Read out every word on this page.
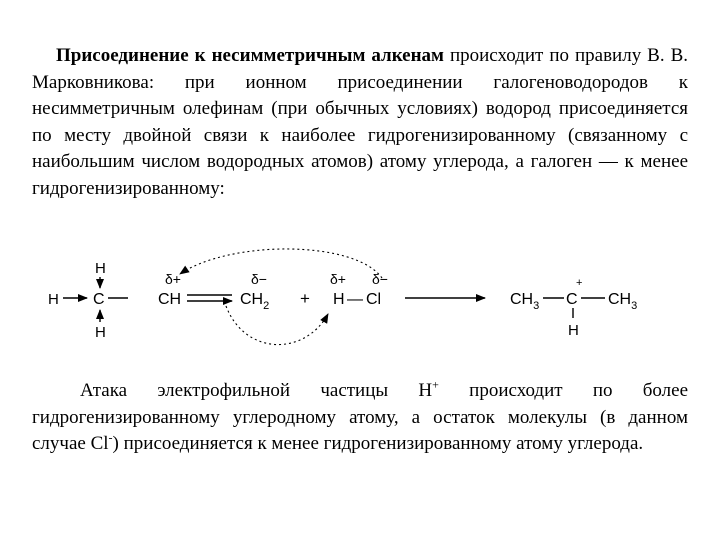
Присоединение к несимметричным алкенам происходит по правилу В. В. Марковникова: при ионном присоединении галогеноводородов к несимметричным олефинам (при обычных условиях) водород присоединяется по месту двойной связи к наиболее гидрогенизированному (связанному с наибольшим числом водородных атомов) атому углерода, а галоген — к менее гидрогенизированному:

H
H C
H
δ+
CH
δ−
$CH_2$ +
δ+ δ−
H — Cl	$CH_3$
+
C $CH_3$
H

Атака электрофильной частицы H+ происходит по более гидрогенизированному углеродному атому, а остаток молекулы (в данном случае Cl-) присоединяется к менее гидрогенизированному атому углерода.
